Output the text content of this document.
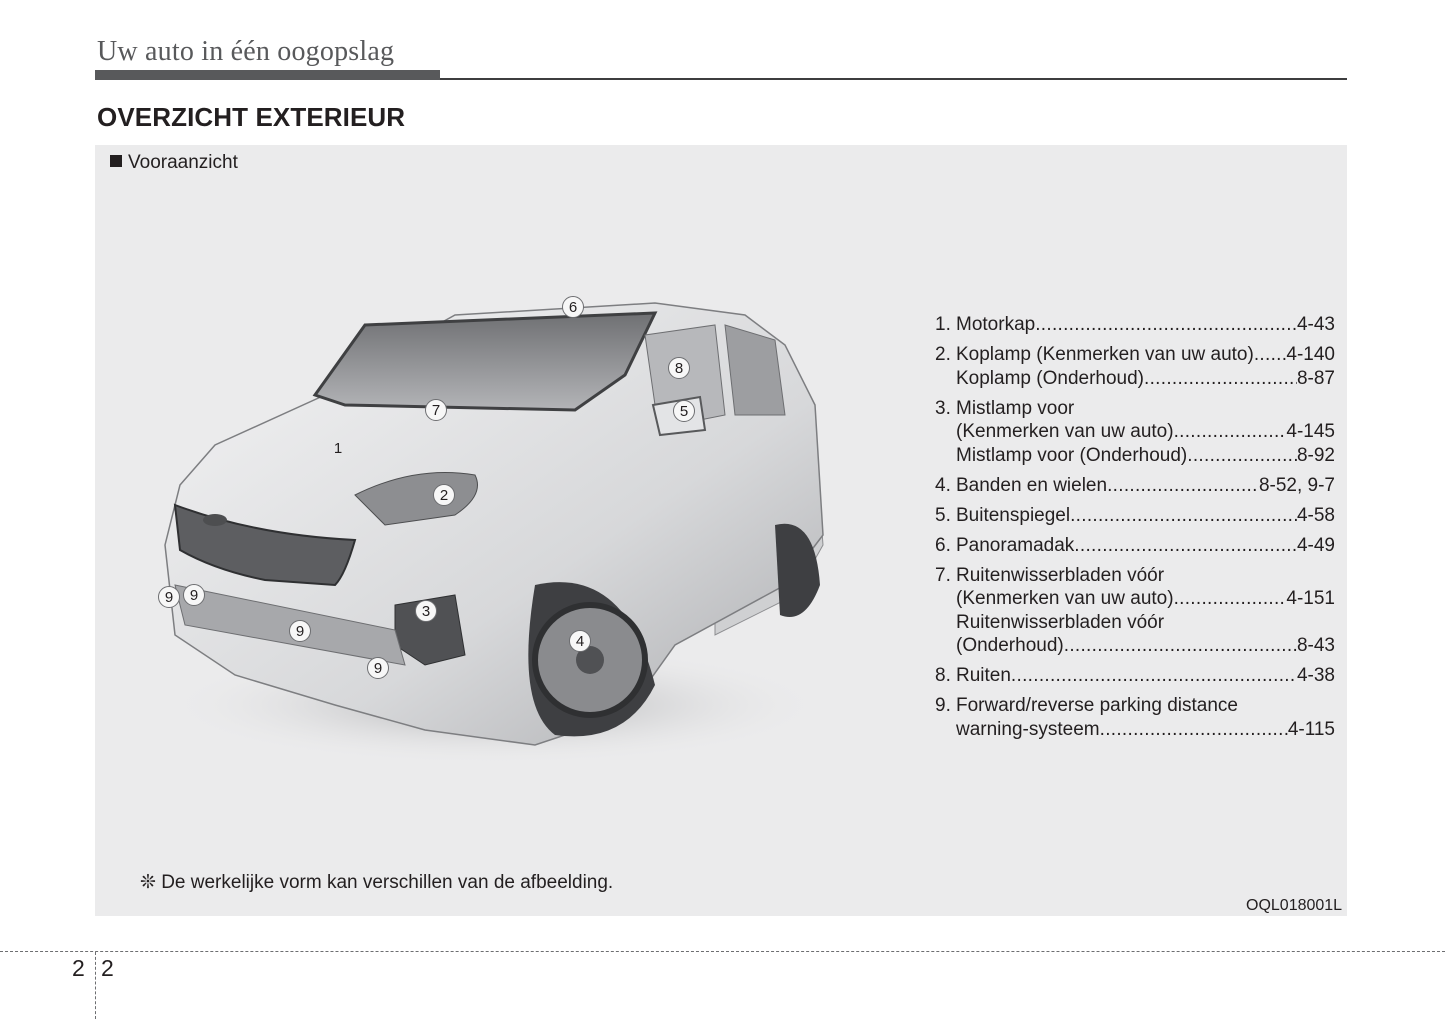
Uw auto in één oogopslag
OVERZICHT EXTERIEUR
Vooraanzicht
1
2
3
4
5
6
7
8
9	9
9
9
1. Motorkap .....	4-43
2. Koplamp (Kenmerken van uw auto) ..... 4-140
Koplamp (Onderhoud) .....	8-87
3. Mistlamp voor
(Kenmerken van uw auto) .....	4-145
Mistlamp voor (Onderhoud) .....	8-92
4. Banden en wielen .....	8-52, 9-7
5. Buitenspiegel .....	4-58
6. Panoramadak .....	4-49
7. Ruitenwisserbladen vóór
(Kenmerken van uw auto) .....	4-151
Ruitenwisserbladen vóór
(Onderhoud) .....	8-43
8. Ruiten .....	4-38
9. Forward/reverse parking distance
warning-systeem .....	4-115
❊ De werkelijke vorm kan verschillen van de afbeelding.
OQL018001L
2 2
